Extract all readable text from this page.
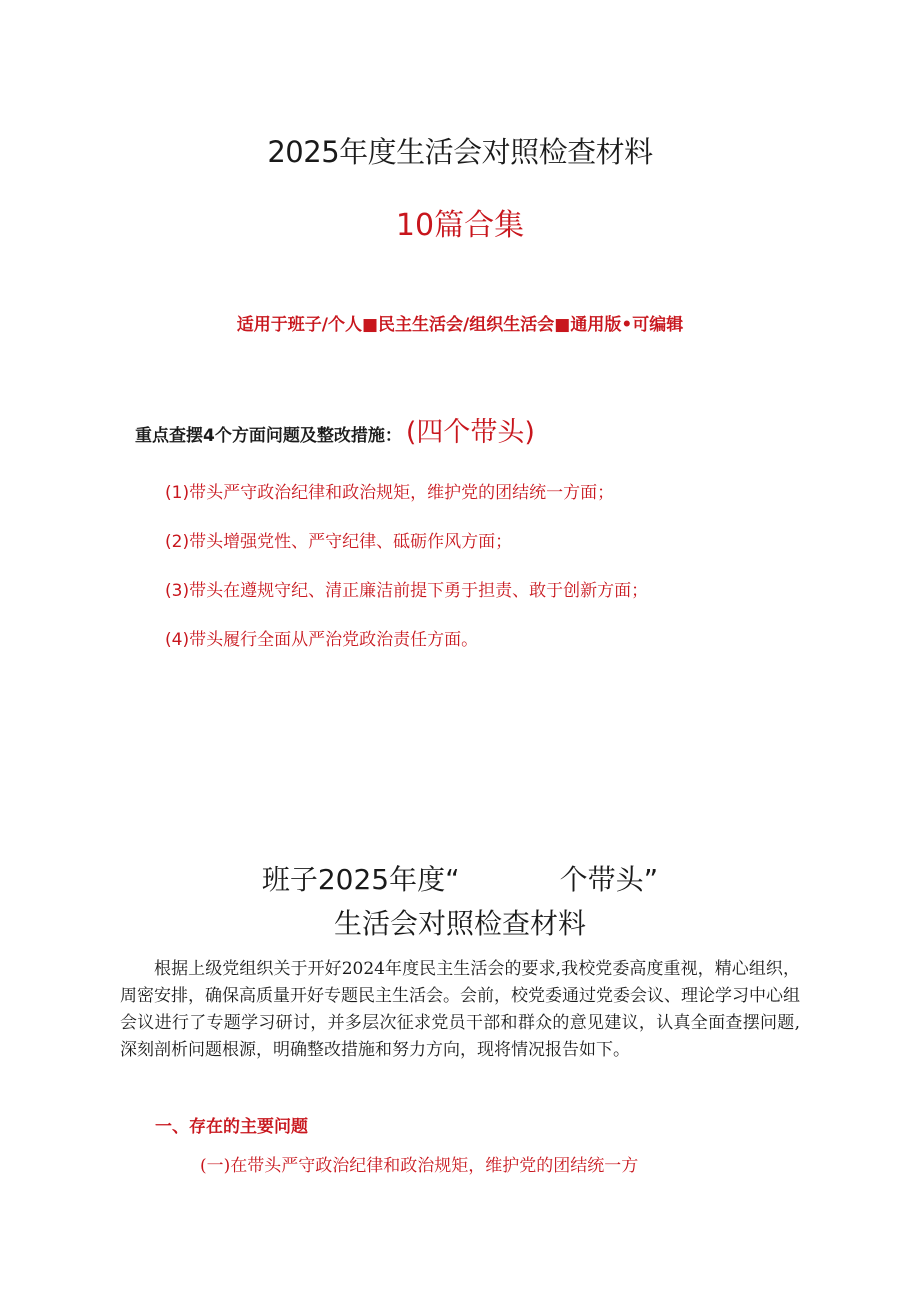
2025年度生活会对照检查材料
10篇合集
适用于班子/个人■民主生活会/组织生活会■通用版•可编辑
重点查摆4个方面问题及整改措施： (四个带头)
(1)带头严守政治纪律和政治规矩，维护党的团结统一方面；
(2)带头增强党性、严守纪律、砥砺作风方面；
(3)带头在遵规守纪、清正廉洁前提下勇于担责、敢于创新方面；
(4)带头履行全面从严治党政治责任方面。
班子2025年度“	个带头”
生活会对照检查材料
根据上级党组织关于开好2024年度民主生活会的要求,我校党委高度重视，精心组织，周密安排，确保高质量开好专题民主生活会。会前，校党委通过党委会议、理论学习中心组会议进行了专题学习研讨，并多层次征求党员干部和群众的意见建议，认真全面查摆问题,深刻剖析问题根源，明确整改措施和努力方向，现将情况报告如下。
一、存在的主要问题
(一)在带头严守政治纪律和政治规矩，维护党的团结统一方
